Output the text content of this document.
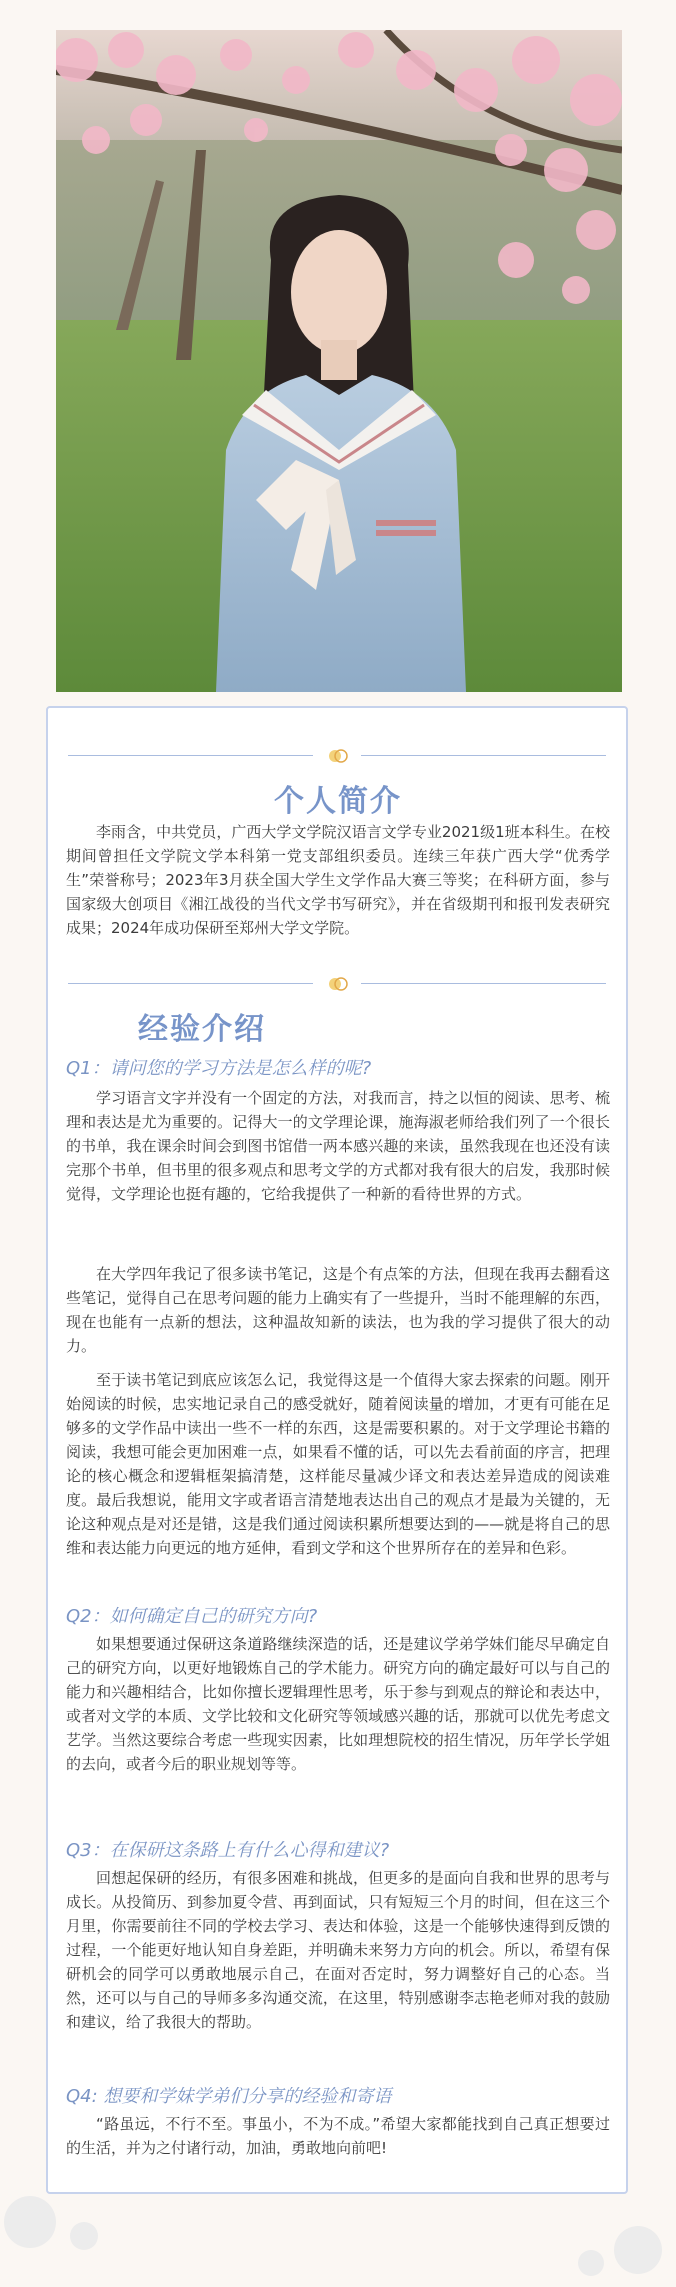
个人简介

李雨含，中共党员，广西大学文学院汉语言文学专业2021级1班本科生。在校期间曾担任文学院文学本科第一党支部组织委员。连续三年获广西大学“优秀学生”荣誉称号；2023年3月获全国大学生文学作品大赛三等奖；在科研方面，参与国家级大创项目《湘江战役的当代文学书写研究》，并在省级期刊和报刊发表研究成果；2024年成功保研至郑州大学文学院。

经验介绍

Q1：请问您的学习方法是怎么样的呢?

学习语言文字并没有一个固定的方法，对我而言，持之以恒的阅读、思考、梳理和表达是尤为重要的。记得大一的文学理论课，施海淑老师给我们列了一个很长的书单，我在课余时间会到图书馆借一两本感兴趣的来读，虽然我现在也还没有读完那个书单，但书里的很多观点和思考文学的方式都对我有很大的启发，我那时候觉得，文学理论也挺有趣的，它给我提供了一种新的看待世界的方式。

在大学四年我记了很多读书笔记，这是个有点笨的方法，但现在我再去翻看这些笔记，觉得自己在思考问题的能力上确实有了一些提升，当时不能理解的东西，现在也能有一点新的想法，这种温故知新的读法，也为我的学习提供了很大的动力。

至于读书笔记到底应该怎么记，我觉得这是一个值得大家去探索的问题。刚开始阅读的时候，忠实地记录自己的感受就好，随着阅读量的增加，才更有可能在足够多的文学作品中读出一些不一样的东西，这是需要积累的。对于文学理论书籍的阅读，我想可能会更加困难一点，如果看不懂的话，可以先去看前面的序言，把理论的核心概念和逻辑框架搞清楚，这样能尽量减少译文和表达差异造成的阅读难度。最后我想说，能用文字或者语言清楚地表达出自己的观点才是最为关键的，无论这种观点是对还是错，这是我们通过阅读积累所想要达到的——就是将自己的思维和表达能力向更远的地方延伸，看到文学和这个世界所存在的差异和色彩。

Q2：如何确定自己的研究方向?

如果想要通过保研这条道路继续深造的话，还是建议学弟学妹们能尽早确定自己的研究方向，以更好地锻炼自己的学术能力。研究方向的确定最好可以与自己的能力和兴趣相结合，比如你擅长逻辑理性思考，乐于参与到观点的辩论和表达中，或者对文学的本质、文学比较和文化研究等领域感兴趣的话，那就可以优先考虑文艺学。当然这要综合考虑一些现实因素，比如理想院校的招生情况，历年学长学姐的去向，或者今后的职业规划等等。

Q3：在保研这条路上有什么心得和建议?

回想起保研的经历，有很多困难和挑战，但更多的是面向自我和世界的思考与成长。从投简历、到参加夏令营、再到面试，只有短短三个月的时间，但在这三个月里，你需要前往不同的学校去学习、表达和体验，这是一个能够快速得到反馈的过程，一个能更好地认知自身差距，并明确未来努力方向的机会。所以，希望有保研机会的同学可以勇敢地展示自己，在面对否定时，努力调整好自己的心态。当然，还可以与自己的导师多多沟通交流，在这里，特别感谢李志艳老师对我的鼓励和建议，给了我很大的帮助。

Q4: 想要和学妹学弟们分享的经验和寄语

“路虽远，不行不至。事虽小，不为不成。”希望大家都能找到自己真正想要过的生活，并为之付诸行动，加油，勇敢地向前吧!
